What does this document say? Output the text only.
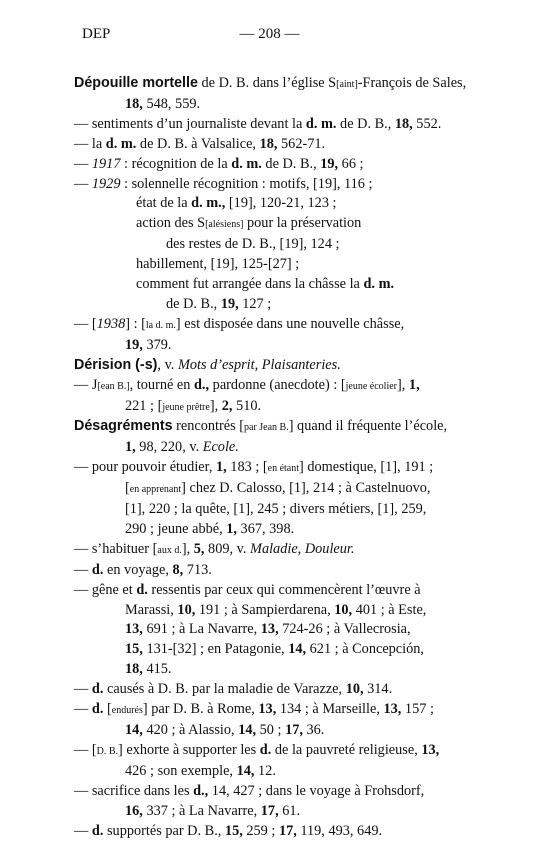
DEP	— 208 —
Dépouille mortelle de D. B. dans l’église S[aint]-François de Sales,
18, 548, 559.
— sentiments d’un journaliste devant la d. m. de D. B., 18, 552.
— la d. m. de D. B. à Valsalice, 18, 562-71.
— 1917 : récognition de la d. m. de D. B., 19, 66 ;
— 1929 : solennelle récognition : motifs, [19], 116 ;
état de la d. m., [19], 120-21, 123 ;
action des S[alésiens] pour la préservation
des restes de D. B., [19], 124 ;
habillement, [19], 125-[27] ;
comment fut arrangée dans la châsse la d. m.
de D. B., 19, 127 ;
— [1938] : [la d. m.] est disposée dans une nouvelle châsse,
19, 379.
Dérision (-s), v. Mots d’esprit, Plaisanteries.
— J[ean B.], tourné en d., pardonne (anecdote) : [jeune écolier], 1,
221 ; [jeune prêtre], 2, 510.
Désagréments rencontrés [par Jean B.] quand il fréquente l’école,
1, 98, 220, v. Ecole.
— pour pouvoir étudier, 1, 183 ; [en étant] domestique, [1], 191 ;
[en apprenant] chez D. Calosso, [1], 214 ; à Castelnuovo,
[1], 220 ; la quête, [1], 245 ; divers métiers, [1], 259,
290 ; jeune abbé, 1, 367, 398.
— s’habituer [aux d.], 5, 809, v. Maladie, Douleur.
— d. en voyage, 8, 713.
— gêne et d. ressentis par ceux qui commencèrent l’œuvre à
Marassi, 10, 191 ; à Sampierdarena, 10, 401 ; à Este,
13, 691 ; à La Navarre, 13, 724-26 ; à Vallecrosia,
15, 131-[32] ; en Patagonie, 14, 621 ; à Concepción,
18, 415.
— d. causés à D. B. par la maladie de Varazze, 10, 314.
— d. [endurés] par D. B. à Rome, 13, 134 ; à Marseille, 13, 157 ;
14, 420 ; à Alassio, 14, 50 ; 17, 36.
— [D. B.] exhorte à supporter les d. de la pauvreté religieuse, 13,
426 ; son exemple, 14, 12.
— sacrifice dans les d., 14, 427 ; dans le voyage à Frohsdorf,
16, 337 ; à La Navarre, 17, 61.
— d. supportés par D. B., 15, 259 ; 17, 119, 493, 649.
